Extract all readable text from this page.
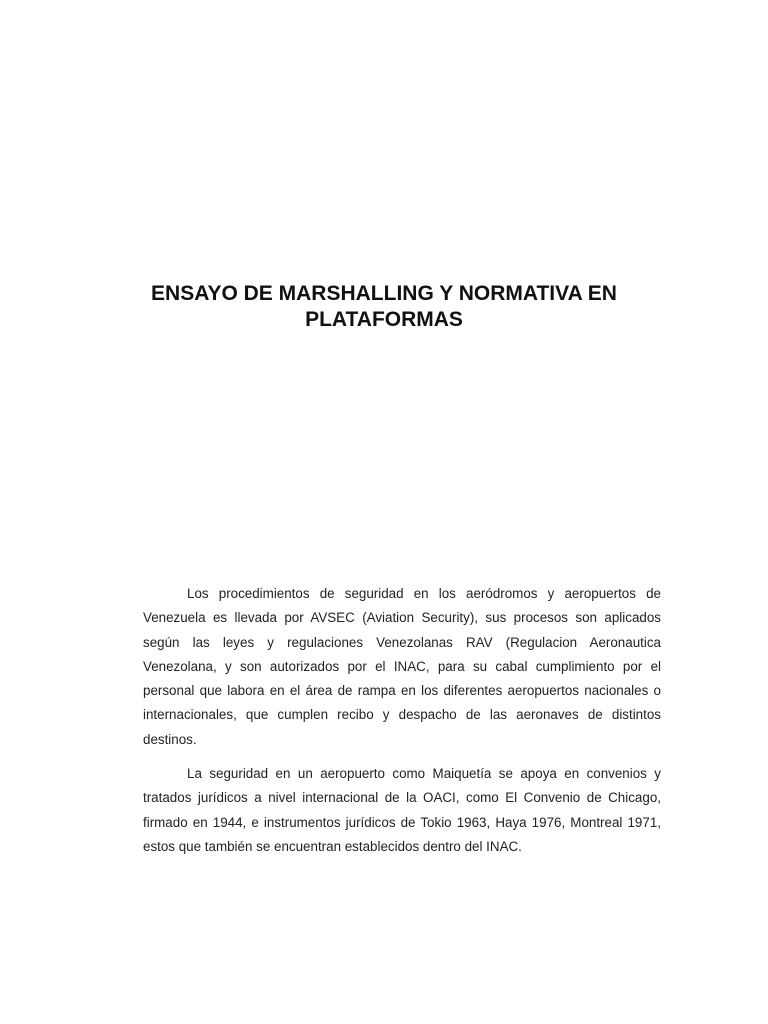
ENSAYO DE MARSHALLING Y NORMATIVA EN
PLATAFORMAS

Los procedimientos de seguridad en los aeródromos y aeropuertos de Venezuela es llevada por AVSEC (Aviation Security), sus procesos son aplicados según las leyes y regulaciones Venezolanas RAV (Regulacion Aeronautica Venezolana, y son autorizados por el INAC, para su cabal cumplimiento por el personal que labora en el área de rampa en los diferentes aeropuertos nacionales o internacionales, que cumplen recibo y despacho de las aeronaves de distintos destinos.

La seguridad en un aeropuerto como Maiquetía se apoya en convenios y tratados jurídicos a nivel internacional de la OACI, como El Convenio de Chicago, firmado en 1944, e instrumentos jurídicos de Tokio 1963, Haya 1976, Montreal 1971, estos que también se encuentran establecidos dentro del INAC.
